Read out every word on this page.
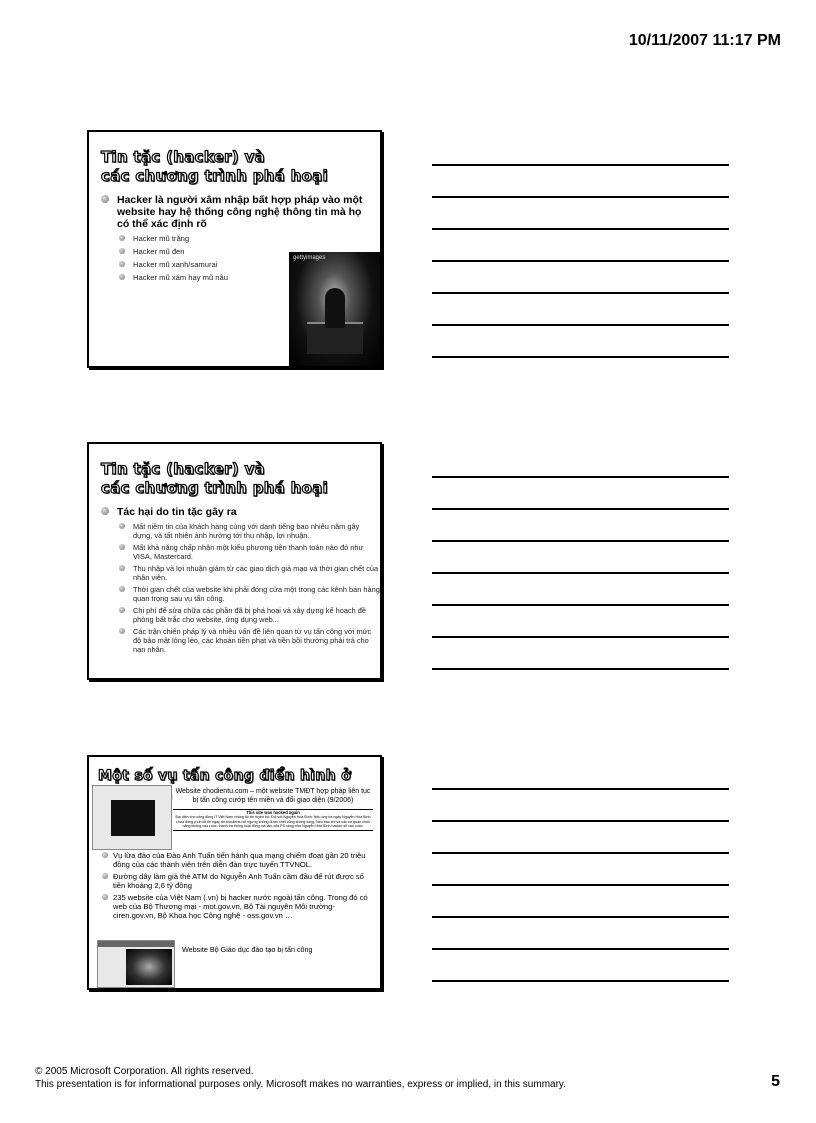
10/11/2007 11:17 PM
Tin tặc (hacker) và
các chương trình phá hoại
Hacker là người xâm nhập bất hợp pháp vào một website hay hệ thống công nghệ thông tin mà họ có thể xác định rõ
Hacker mũ trắng
Hacker mũ đen
Hacker mũ xanh/samurai
Hacker mũ xám hay mũ nâu
gettyimages
Tin tặc (hacker) và
các chương trình phá hoại
Tác hại do tin tặc gây ra
Mất niềm tin của khách hàng cùng với danh tiếng bao nhiêu năm gây dựng, và tất nhiên ảnh hưởng tới thu nhập, lợi nhuận.
Mất khả năng chấp nhận một kiểu phương tiện thanh toán nào đó như VISA, Mastercard.
Thu nhập và lợi nhuận giảm từ các giao dịch giả mạo và thời gian chết của nhân viên.
Thời gian chết của website khi phải đóng cửa một trong các kênh bán hàng quan trọng sau vụ tấn công.
Chi phí để sửa chữa các phần đã bị phá hoại và xây dựng kế hoạch đề phòng bất trắc cho website, ứng dụng web...
Các trận chiến pháp lý và nhiều vấn đề liên quan từ vụ tấn công với mức độ bảo mật lỏng lẻo, các khoản tiền phạt và tiền bồi thường phải trả cho nạn nhân.
Một số vụ tấn công điển hình ở
Website chodientu.com – một website TMĐT hợp pháp liên tục bị tấn công cướp tên miền và đổi giao diện (9/2006)
This site was hacked again
Đại diện cho cộng đồng IT Việt Nam chúng tôi xin tuyên bố: Đối với Nguyễn Hòa Bình: Nếu ông bà ngày Nguyễn Hòa Bình chưa đồng ý xin lỗi thì ngày đó chodientu sẽ ngừng không được chết cũng không xong. Nếu báo chí và các cơ quan chức năng không vào cuộc, thanh tra thống hoại động mà làm của PS càng như Nguyễn Hòa Bình hacker sẽ vào cuộc.
Vụ lừa đảo của Đào Anh Tuấn tiến hành qua mạng chiếm đoạt gần 20 triệu đồng của các thành viên trên diễn đàn trực tuyến TTVNOL.
Đường dây làm giả thẻ ATM do Nguyễn Anh Tuấn cầm đầu để rút được số tiền khoảng 2,6 tỷ đồng
235 website của Việt Nam (.vn) bị hacker nước ngoài tấn công. Trong đó có web của Bộ Thương mại - mot.gov.vn, Bộ Tài nguyên Môi trường- ciren.gov.vn, Bộ Khoa học Công nghệ - oss.gov.vn …
Website Bộ Giáo dục đào tạo bị tấn công
© 2005 Microsoft Corporation. All rights reserved.
This presentation is for informational purposes only. Microsoft makes no warranties, express or implied, in this summary.	5
